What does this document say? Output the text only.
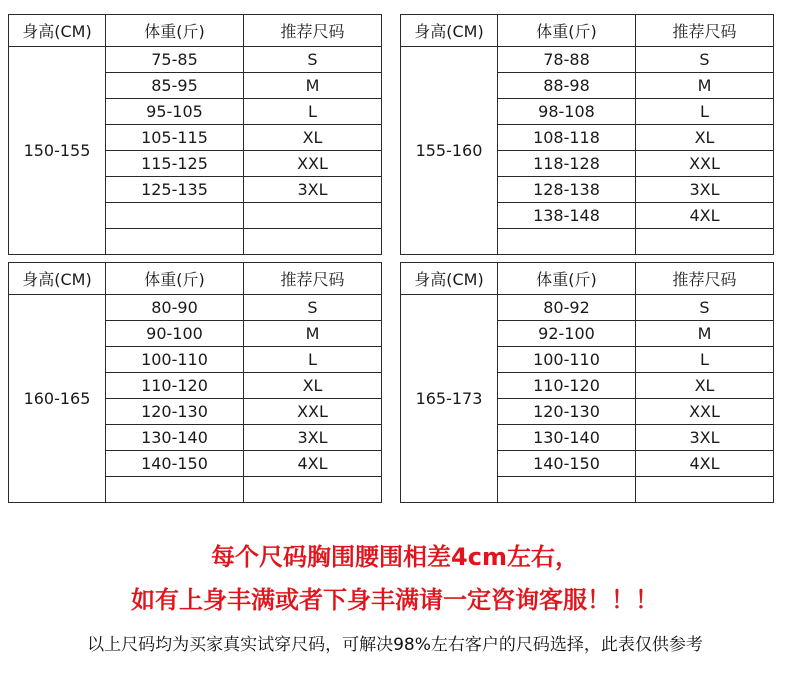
身高(CM)	体重(斤)	推荐尺码
150-155	75-85	S
	85-95	M
	95-105	L
	105-115	XL
	115-125	XXL
	125-135	3XL

身高(CM)	体重(斤)	推荐尺码
155-160	78-88	S
	88-98	M
	98-108	L
	108-118	XL
	118-128	XXL
	128-138	3XL
	138-148	4XL

身高(CM)	体重(斤)	推荐尺码
160-165	80-90	S
	90-100	M
	100-110	L
	110-120	XL
	120-130	XXL
	130-140	3XL
	140-150	4XL

身高(CM)	体重(斤)	推荐尺码
165-173	80-92	S
	92-100	M
	100-110	L
	110-120	XL
	120-130	XXL
	130-140	3XL
	140-150	4XL

每个尺码胸围腰围相差4cm左右，
如有上身丰满或者下身丰满请一定咨询客服！！！
以上尺码均为买家真实试穿尺码，可解决98%左右客户的尺码选择，此表仅供参考
